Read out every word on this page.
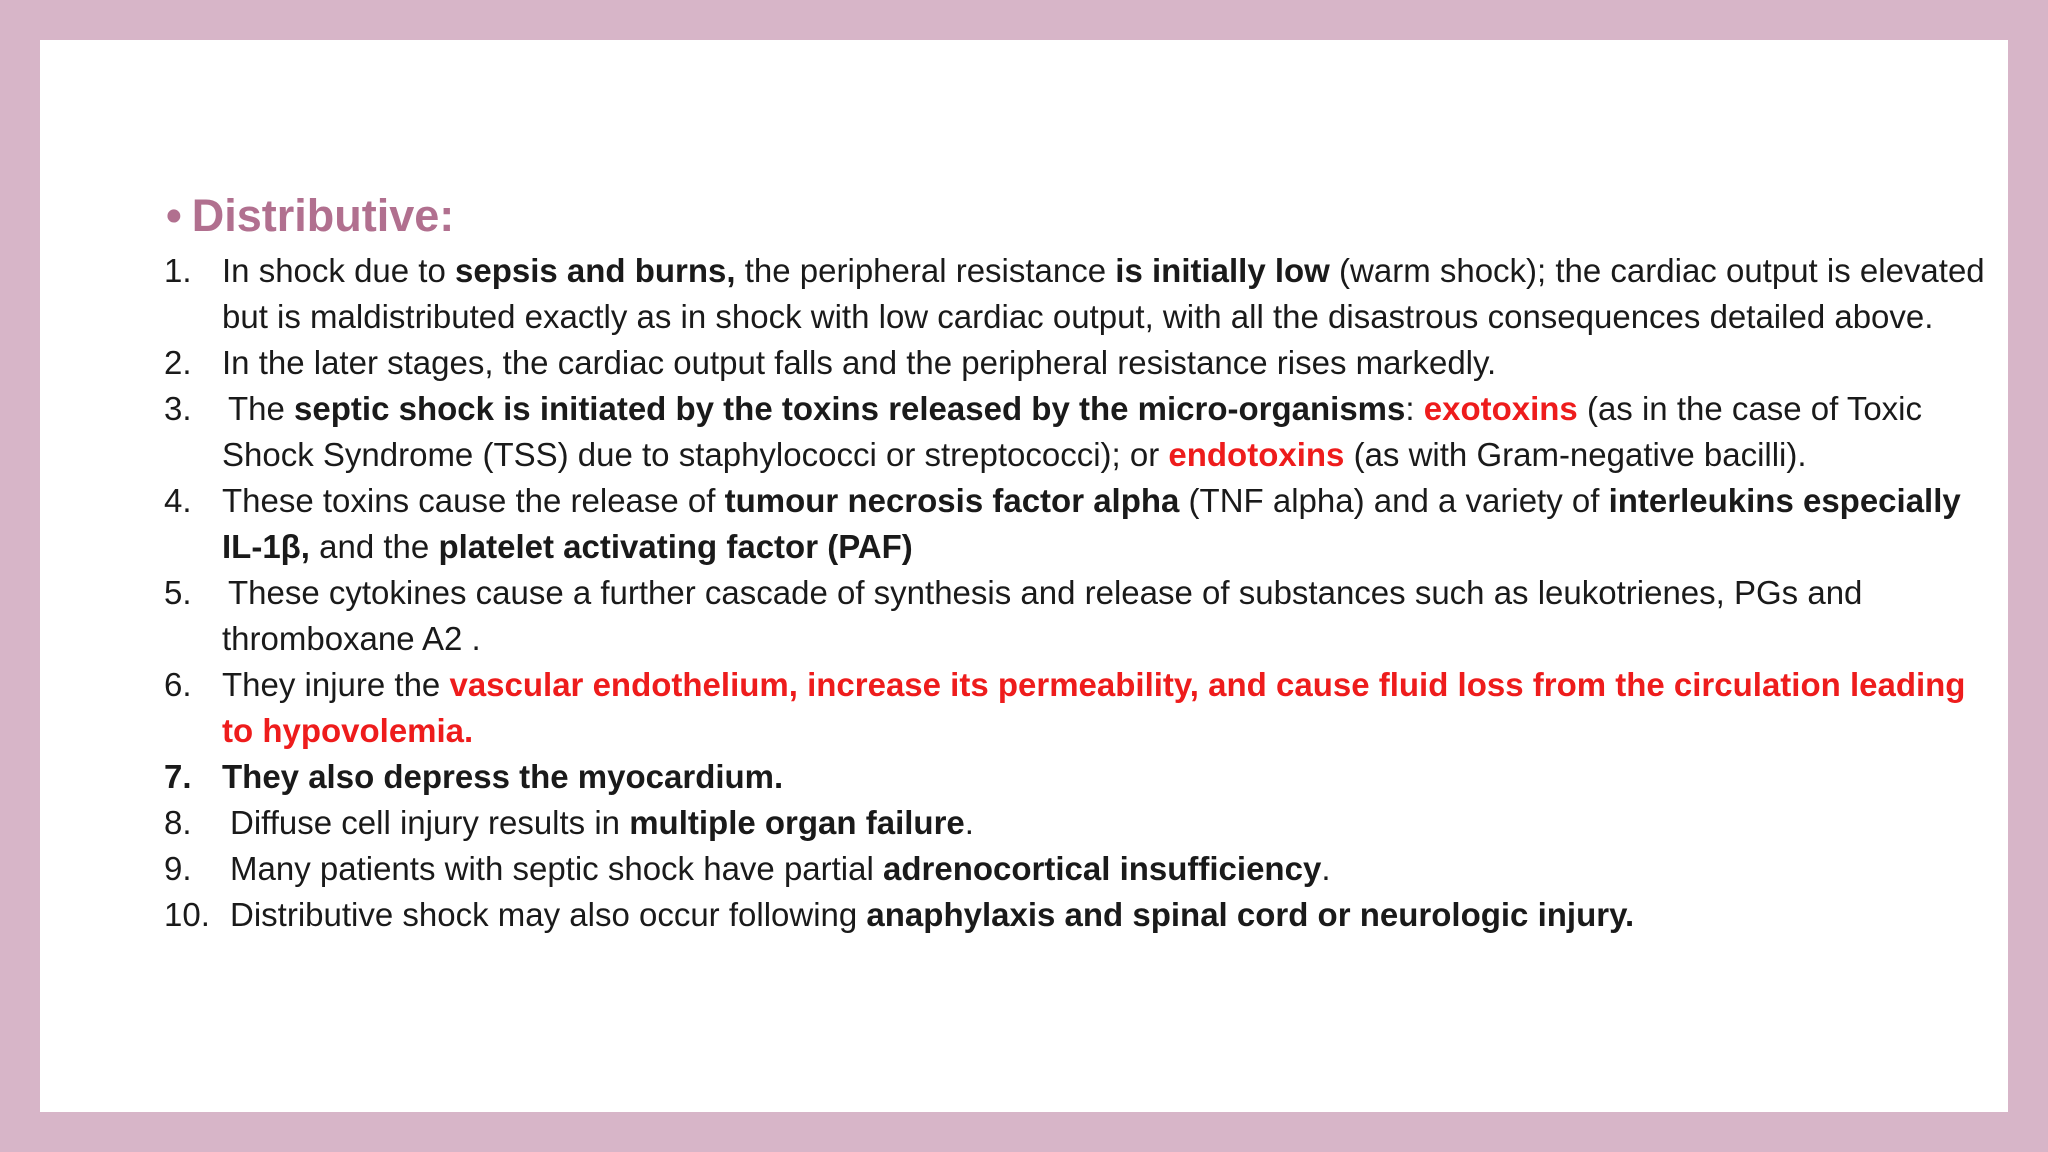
• Distributive:
1. In shock due to sepsis and burns, the peripheral resistance is initially low (warm shock); the cardiac output is elevated but is maldistributed exactly as in shock with low cardiac output, with all the disastrous consequences detailed above.
2. In the later stages, the cardiac output falls and the peripheral resistance rises markedly.
3.	The septic shock is initiated by the toxins released by the micro-organisms: exotoxins (as in the case of Toxic Shock Syndrome (TSS) due to staphylococci or streptococci); or endotoxins (as with Gram-negative bacilli).
4. These toxins cause the release of tumour necrosis factor alpha (TNF alpha) and a variety of interleukins especially IL-1β, and the platelet activating factor (PAF)
5.	These cytokines cause a further cascade of synthesis and release of substances such as leukotrienes, PGs and thromboxane A2 .
6. They injure the vascular endothelium, increase its permeability, and cause fluid loss from the circulation leading to hypovolemia.
7. They also depress the myocardium.
8.	Diffuse cell injury results in multiple organ failure.
9.	Many patients with septic shock have partial adrenocortical insufficiency.
10. Distributive shock may also occur following anaphylaxis and spinal cord or neurologic injury.
